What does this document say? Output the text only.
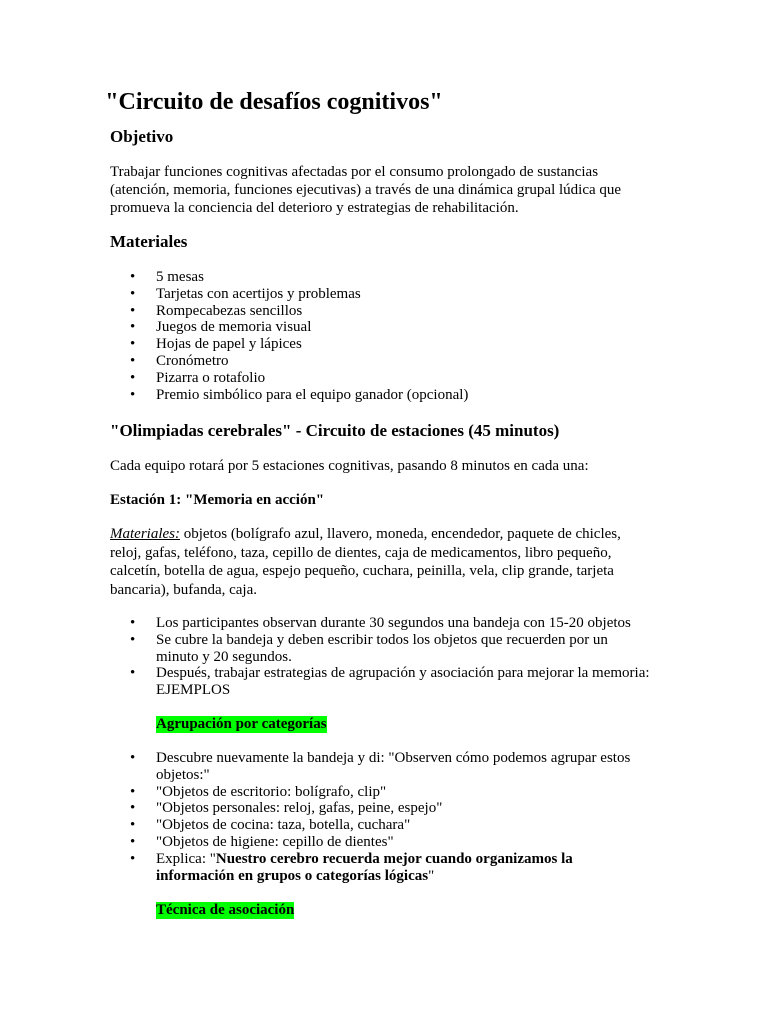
"Circuito de desafíos cognitivos"
Objetivo

Trabajar funciones cognitivas afectadas por el consumo prolongado de sustancias (atención, memoria, funciones ejecutivas) a través de una dinámica grupal lúdica que promueva la conciencia del deterioro y estrategias de rehabilitación.

Materiales
• 5 mesas
• Tarjetas con acertijos y problemas
• Rompecabezas sencillos
• Juegos de memoria visual
• Hojas de papel y lápices
• Cronómetro
• Pizarra o rotafolio
• Premio simbólico para el equipo ganador (opcional)
"Olimpiadas cerebrales" - Circuito de estaciones (45 minutos)

Cada equipo rotará por 5 estaciones cognitivas, pasando 8 minutos en cada una:

Estación 1: "Memoria en acción"

Materiales: objetos (bolígrafo azul, llavero, moneda, encendedor, paquete de chicles, reloj, gafas, teléfono, taza, cepillo de dientes, caja de medicamentos, libro pequeño, calcetín, botella de agua, espejo pequeño, cuchara, peinilla, vela, clip grande, tarjeta bancaria), bufanda, caja.

• Los participantes observan durante 30 segundos una bandeja con 15-20 objetos
• Se cubre la bandeja y deben escribir todos los objetos que recuerden por un minuto y 20 segundos.
• Después, trabajar estrategias de agrupación y asociación para mejorar la memoria: EJEMPLOS

Agrupación por categorías

• Descubre nuevamente la bandeja y di: "Observen cómo podemos agrupar estos objetos:"
• "Objetos de escritorio: bolígrafo, clip"
• "Objetos personales: reloj, gafas, peine, espejo"
• "Objetos de cocina: taza, botella, cuchara"
• "Objetos de higiene: cepillo de dientes"
• Explica: "Nuestro cerebro recuerda mejor cuando organizamos la información en grupos o categorías lógicas"

Técnica de asociación
